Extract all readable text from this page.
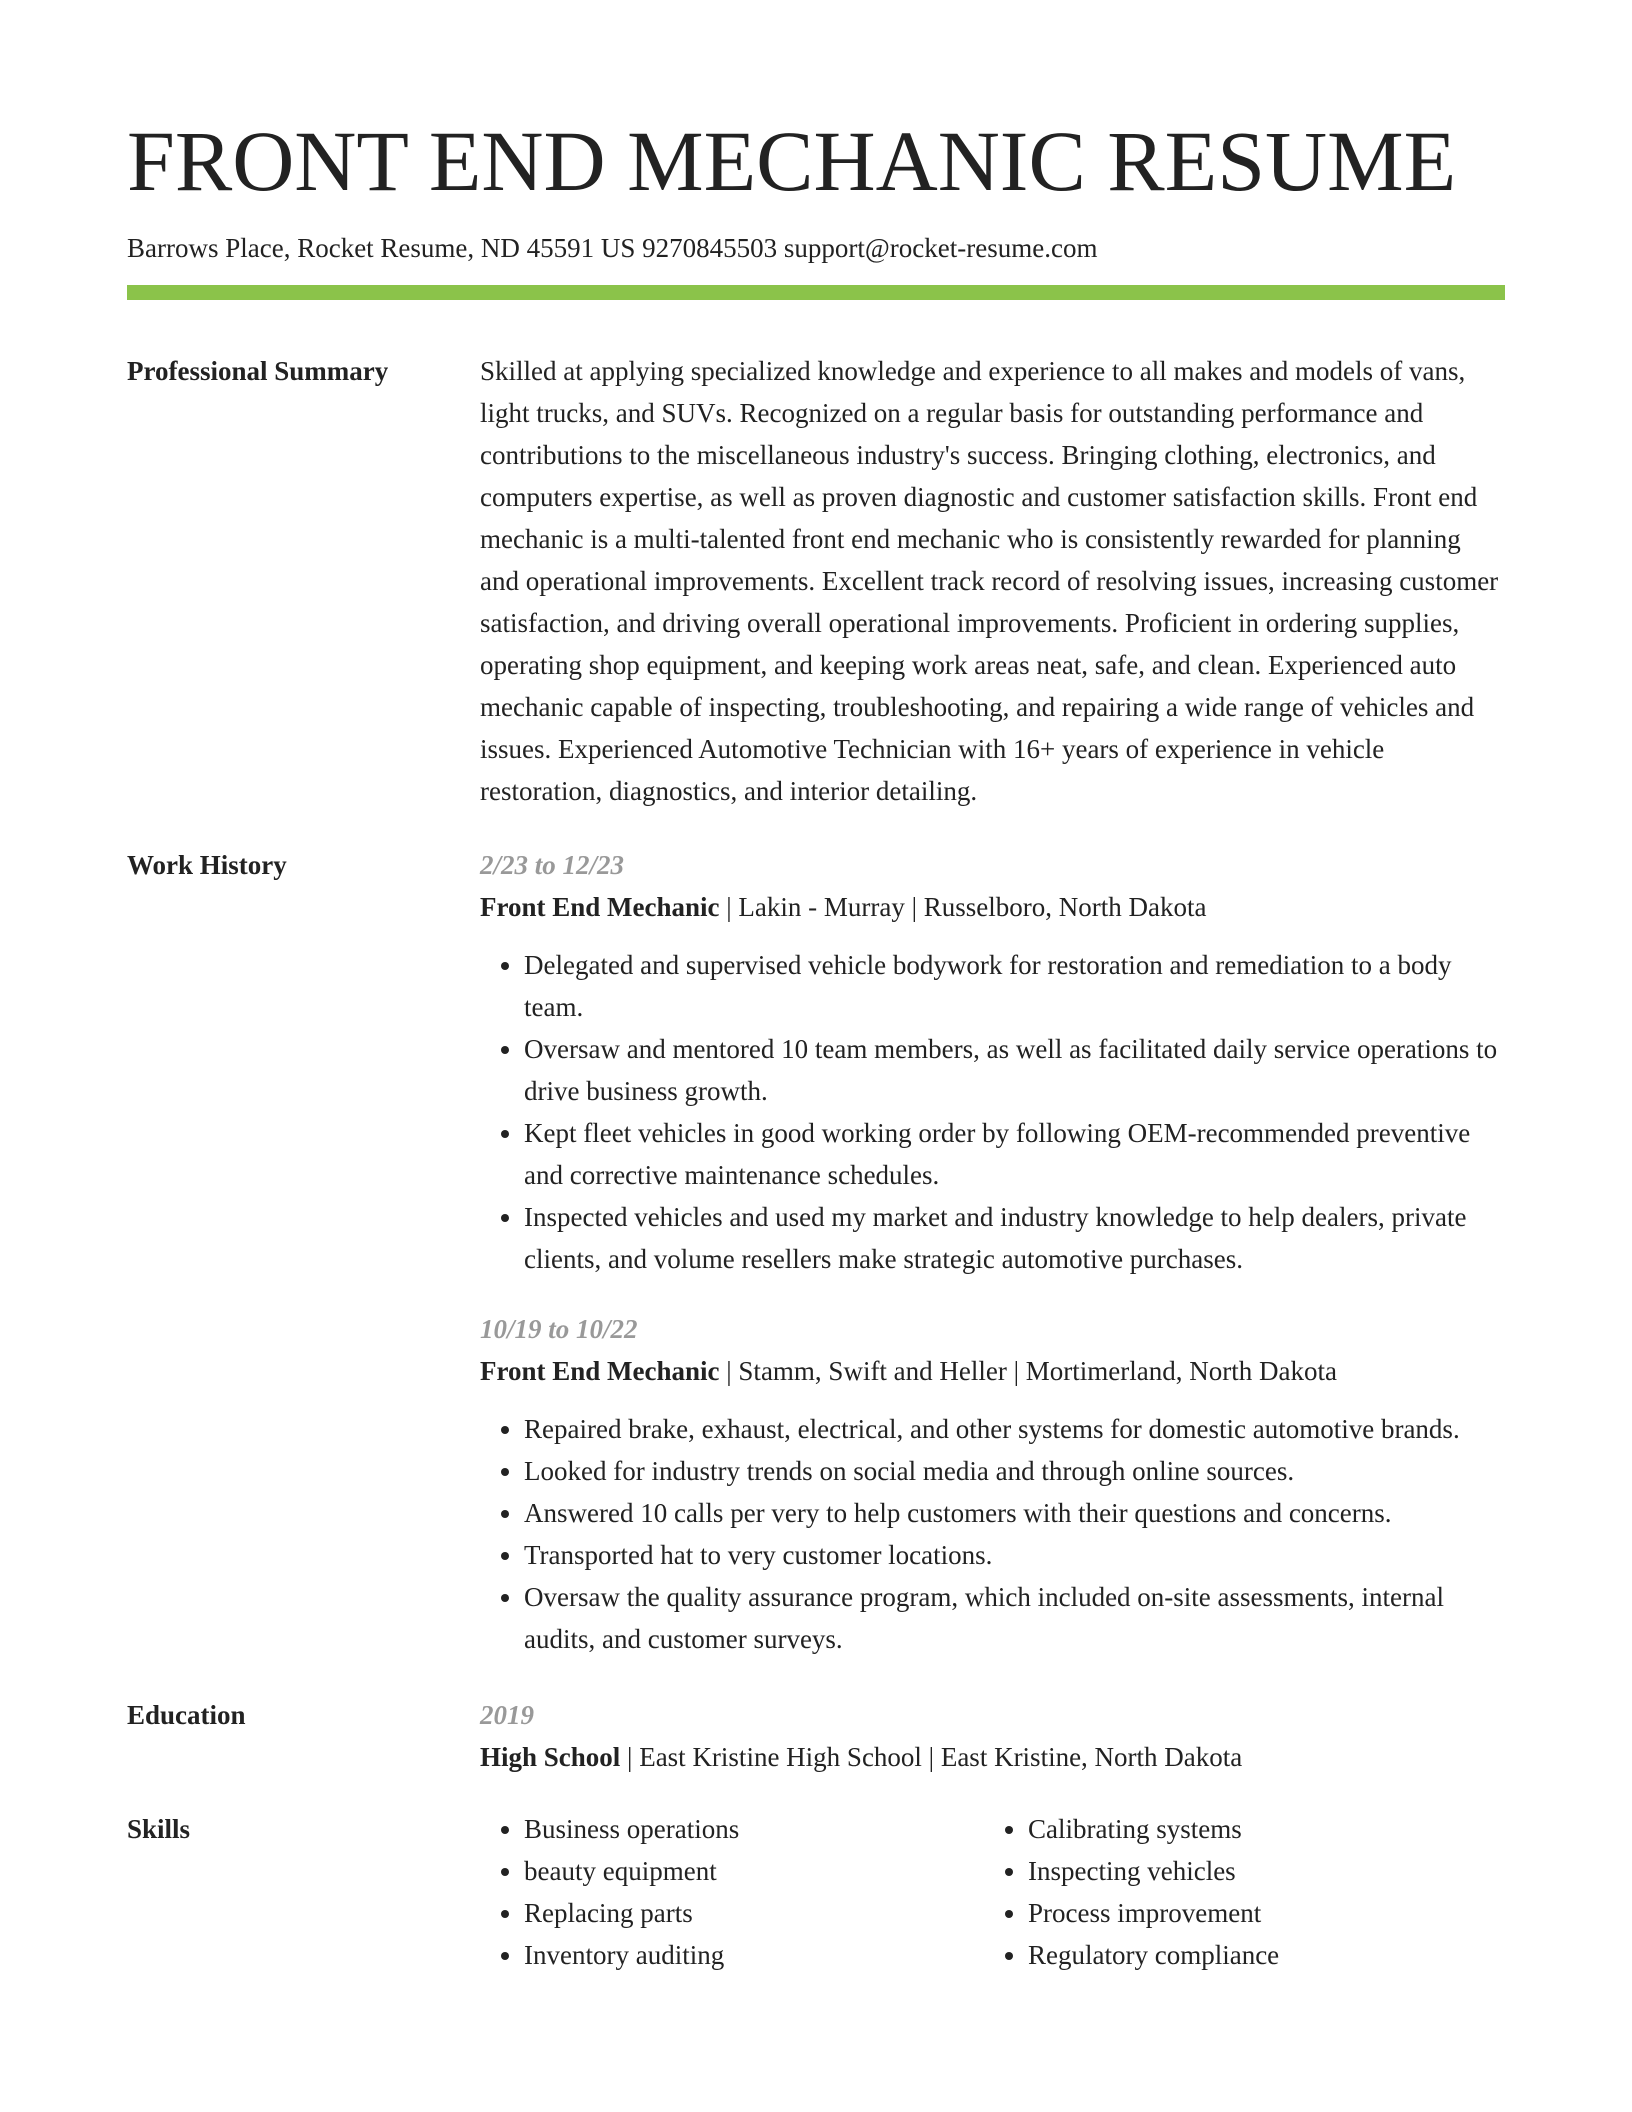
FRONT END MECHANIC RESUME
Barrows Place, Rocket Resume, ND 45591 US 9270845503 support@rocket-resume.com
Professional Summary	Skilled at applying specialized knowledge and experience to all makes and models of vans, light trucks, and SUVs. Recognized on a regular basis for outstanding performance and contributions to the miscellaneous industry's success. Bringing clothing, electronics, and computers expertise, as well as proven diagnostic and customer satisfaction skills. Front end mechanic is a multi-talented front end mechanic who is consistently rewarded for planning and operational improvements. Excellent track record of resolving issues, increasing customer satisfaction, and driving overall operational improvements. Proficient in ordering supplies, operating shop equipment, and keeping work areas neat, safe, and clean. Experienced auto mechanic capable of inspecting, troubleshooting, and repairing a wide range of vehicles and issues. Experienced Automotive Technician with 16+ years of experience in vehicle restoration, diagnostics, and interior detailing.
Work History	2/23 to 12/23
Front End Mechanic | Lakin - Murray | Russelboro, North Dakota
• Delegated and supervised vehicle bodywork for restoration and remediation to a body team.
• Oversaw and mentored 10 team members, as well as facilitated daily service operations to drive business growth.
• Kept fleet vehicles in good working order by following OEM-recommended preventive and corrective maintenance schedules.
• Inspected vehicles and used my market and industry knowledge to help dealers, private clients, and volume resellers make strategic automotive purchases.
10/19 to 10/22
Front End Mechanic | Stamm, Swift and Heller | Mortimerland, North Dakota
• Repaired brake, exhaust, electrical, and other systems for domestic automotive brands.
• Looked for industry trends on social media and through online sources.
• Answered 10 calls per very to help customers with their questions and concerns.
• Transported hat to very customer locations.
• Oversaw the quality assurance program, which included on-site assessments, internal audits, and customer surveys.
Education	2019
High School | East Kristine High School | East Kristine, North Dakota
Skills
•	Business operations
• beauty equipment
• Replacing parts
• Inventory auditing
• Calibrating systems
• Inspecting vehicles
• Process improvement
• Regulatory compliance
